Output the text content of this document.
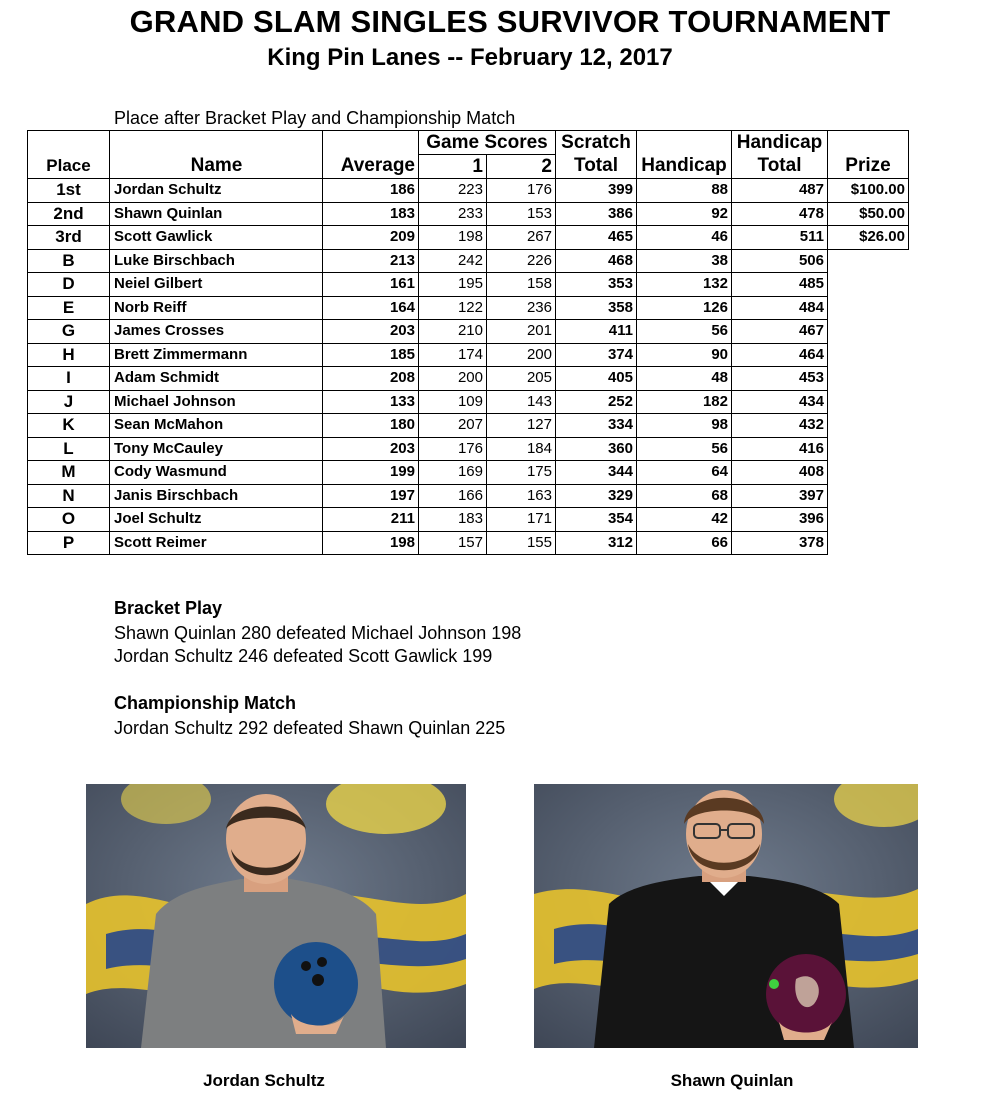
GRAND SLAM SINGLES SURVIVOR TOURNAMENT
King Pin Lanes -- February 12, 2017
Place after Bracket Play and Championship Match
			Game Scores		Scratch		Handicap	
Place	Name	Average	1	2	Total	Handicap	Total	Prize
1st	Jordan Schultz	186	223	176	399	88	487	$100.00
2nd	Shawn Quinlan	183	233	153	386	92	478	$50.00
3rd	Scott Gawlick	209	198	267	465	46	511	$26.00
B	Luke Birschbach	213	242	226	468	38	506	
D	Neiel Gilbert	161	195	158	353	132	485	
E	Norb Reiff	164	122	236	358	126	484	
G	James Crosses	203	210	201	411	56	467	
H	Brett Zimmermann	185	174	200	374	90	464	
I	Adam Schmidt	208	200	205	405	48	453	
J	Michael Johnson	133	109	143	252	182	434	
K	Sean McMahon	180	207	127	334	98	432	
L	Tony McCauley	203	176	184	360	56	416	
M	Cody Wasmund	199	169	175	344	64	408	
N	Janis Birschbach	197	166	163	329	68	397	
O	Joel Schultz	211	183	171	354	42	396	
P	Scott Reimer	198	157	155	312	66	378	
Bracket Play
Shawn Quinlan 280 defeated Michael Johnson 198
Jordan Schultz 246 defeated Scott Gawlick 199
Championship Match
Jordan Schultz 292 defeated Shawn Quinlan 225
Jordan Schultz	Shawn Quinlan
